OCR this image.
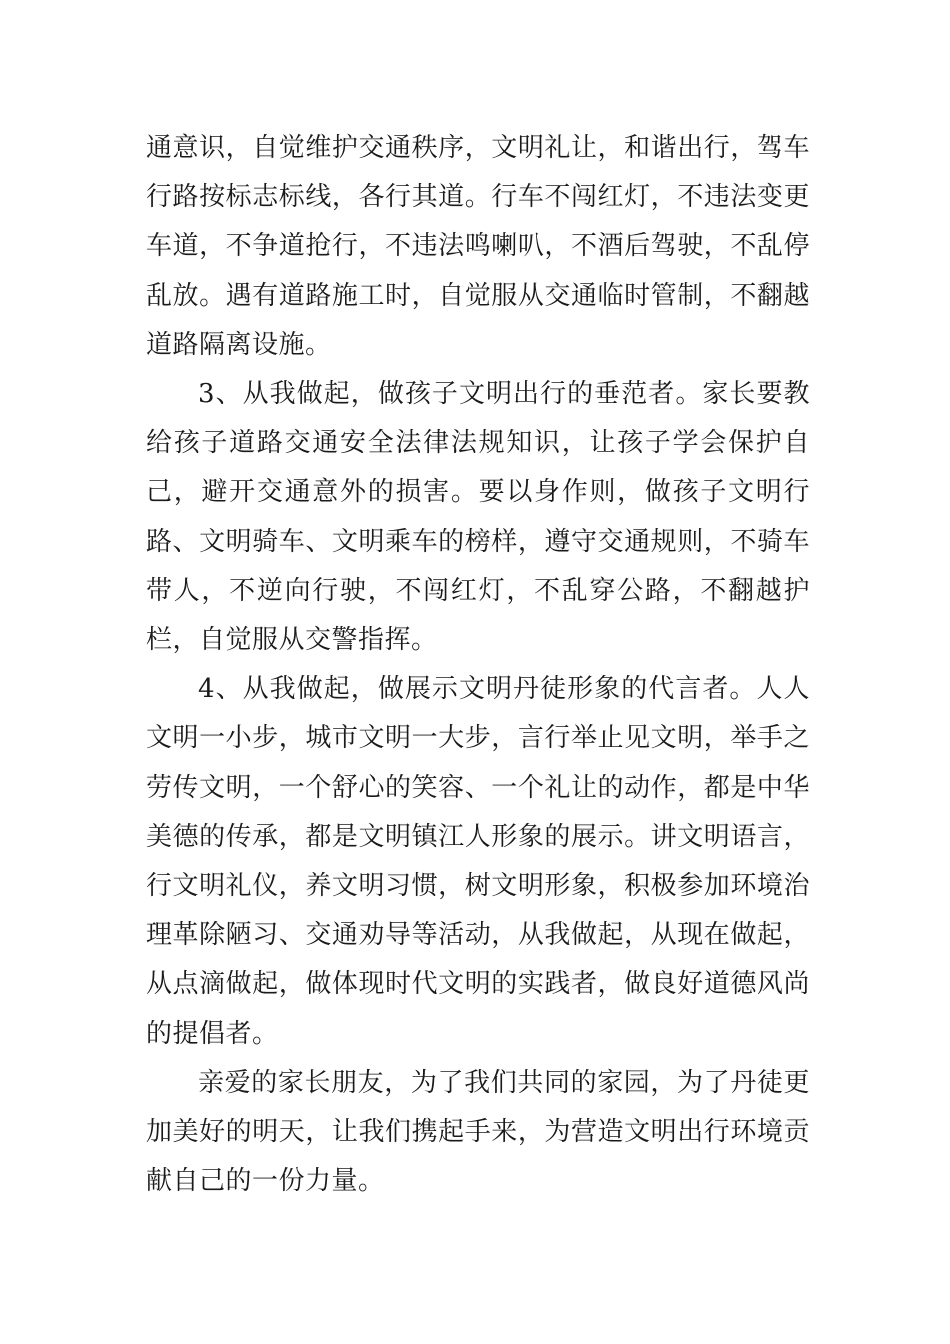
通意识，自觉维护交通秩序，文明礼让，和谐出行，驾车行路按标志标线，各行其道。行车不闯红灯，不违法变更车道，不争道抢行，不违法鸣喇叭，不酒后驾驶，不乱停乱放。遇有道路施工时，自觉服从交通临时管制，不翻越道路隔离设施。

3、从我做起，做孩子文明出行的垂范者。家长要教给孩子道路交通安全法律法规知识，让孩子学会保护自己，避开交通意外的损害。要以身作则，做孩子文明行路、文明骑车、文明乘车的榜样，遵守交通规则，不骑车带人，不逆向行驶，不闯红灯，不乱穿公路，不翻越护栏，自觉服从交警指挥。

4、从我做起，做展示文明丹徒形象的代言者。人人文明一小步，城市文明一大步，言行举止见文明，举手之劳传文明，一个舒心的笑容、一个礼让的动作，都是中华美德的传承，都是文明镇江人形象的展示。讲文明语言，行文明礼仪，养文明习惯，树文明形象，积极参加环境治理革除陋习、交通劝导等活动，从我做起，从现在做起，从点滴做起，做体现时代文明的实践者，做良好道德风尚的提倡者。

亲爱的家长朋友，为了我们共同的家园，为了丹徒更加美好的明天，让我们携起手来，为营造文明出行环境贡献自己的一份力量。
